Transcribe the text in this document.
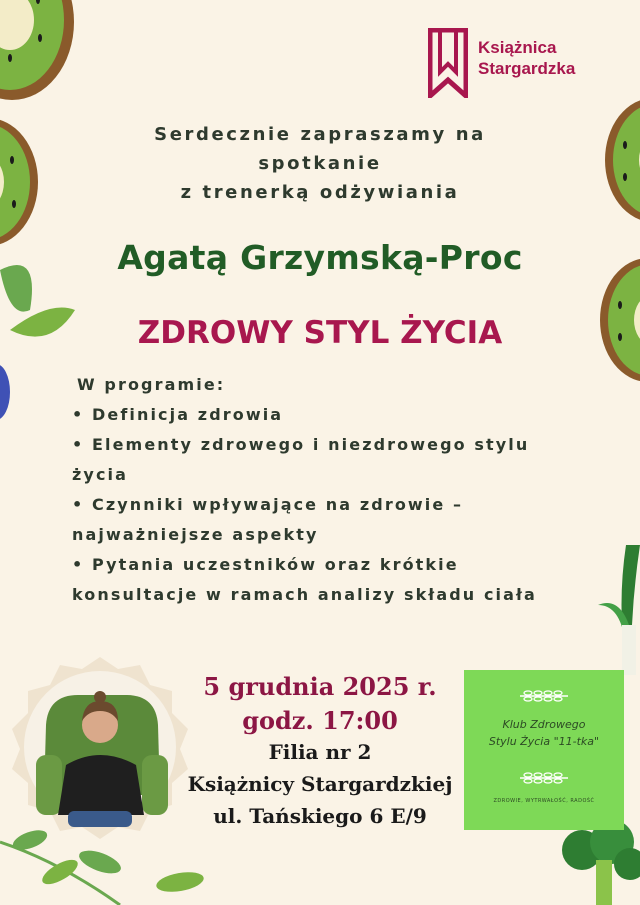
Książnica
Stargardzka
Serdecznie zapraszamy na
spotkanie
z trenerką odżywiania
Agatą Grzymską-Proc
ZDROWY STYL ŻYCIA
W programie:
• Definicja zdrowia
• Elementy zdrowego i niezdrowego stylu
życia
• Czynniki wpływające na zdrowie –
najważniejsze aspekty
• Pytania uczestników oraz krótkie
konsultacje w ramach analizy składu ciała
5 grudnia 2025 r.
godz. 17:00
Filia nr 2
Książnicy Stargardzkiej
ul. Tańskiego 6 E/9
Klub Zdrowego
Stylu Życia "11-tka"
ZDROWIE, WYTRWAŁOŚĆ, RADOŚĆ
